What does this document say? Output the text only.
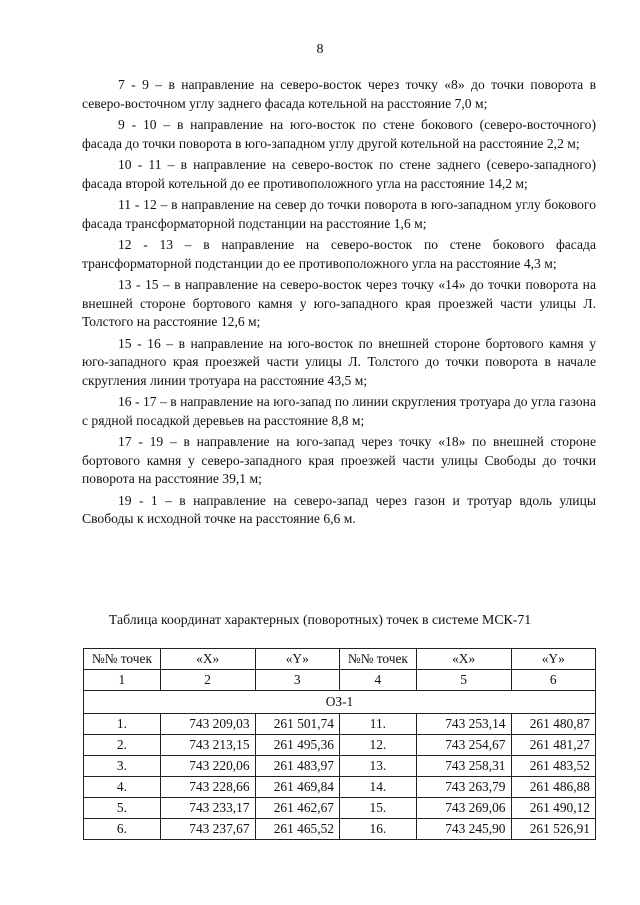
8

7 - 9 – в направление на северо-восток через точку «8» до точки поворота в северо-восточном углу заднего фасада котельной на расстояние 7,0 м;

9 - 10 – в направление на юго-восток по стене бокового (северо-восточного) фасада до точки поворота в юго-западном углу другой котельной на расстояние 2,2 м;

10 - 11 – в направление на северо-восток по стене заднего (северо-западного) фасада второй котельной до ее противоположного угла на расстояние 14,2 м;

11 - 12 – в направление на север до точки поворота в юго-западном углу бокового фасада трансформаторной подстанции на расстояние 1,6 м;

12 - 13 – в направление на северо-восток по стене бокового фасада трансформаторной подстанции до ее противоположного угла на расстояние 4,3 м;

13 - 15 – в направление на северо-восток через точку «14» до точки поворота на внешней стороне бортового камня у юго-западного края проезжей части улицы Л. Толстого на расстояние 12,6 м;

15 - 16 – в направление на юго-восток по внешней стороне бортового камня у юго-западного края проезжей части улицы Л. Толстого до точки поворота в начале скругления линии тротуара на расстояние 43,5 м;

16 - 17 – в направление на юго-запад по линии скругления тротуара до угла газона с рядной посадкой деревьев на расстояние 8,8 м;

17 - 19 – в направление на юго-запад через точку «18» по внешней стороне бортового камня у северо-западного края проезжей части улицы Свободы до точки поворота на расстояние 39,1 м;

19 - 1 – в направление на северо-запад через газон и тротуар вдоль улицы Свободы к исходной точке на расстояние 6,6 м.

Таблица координат характерных (поворотных) точек в системе МСК-71
№№ точек	«X»	«Y»	№№ точек	«X»	«Y»
1	2	3	4	5	6
ОЗ-1					
1.	743 209,03	261 501,74	11.	743 253,14	261 480,87
2.	743 213,15	261 495,36	12.	743 254,67	261 481,27
3.	743 220,06	261 483,97	13.	743 258,31	261 483,52
4.	743 228,66	261 469,84	14.	743 263,79	261 486,88
5.	743 233,17	261 462,67	15.	743 269,06	261 490,12
6.	743 237,67	261 465,52	16.	743 245,90	261 526,91
